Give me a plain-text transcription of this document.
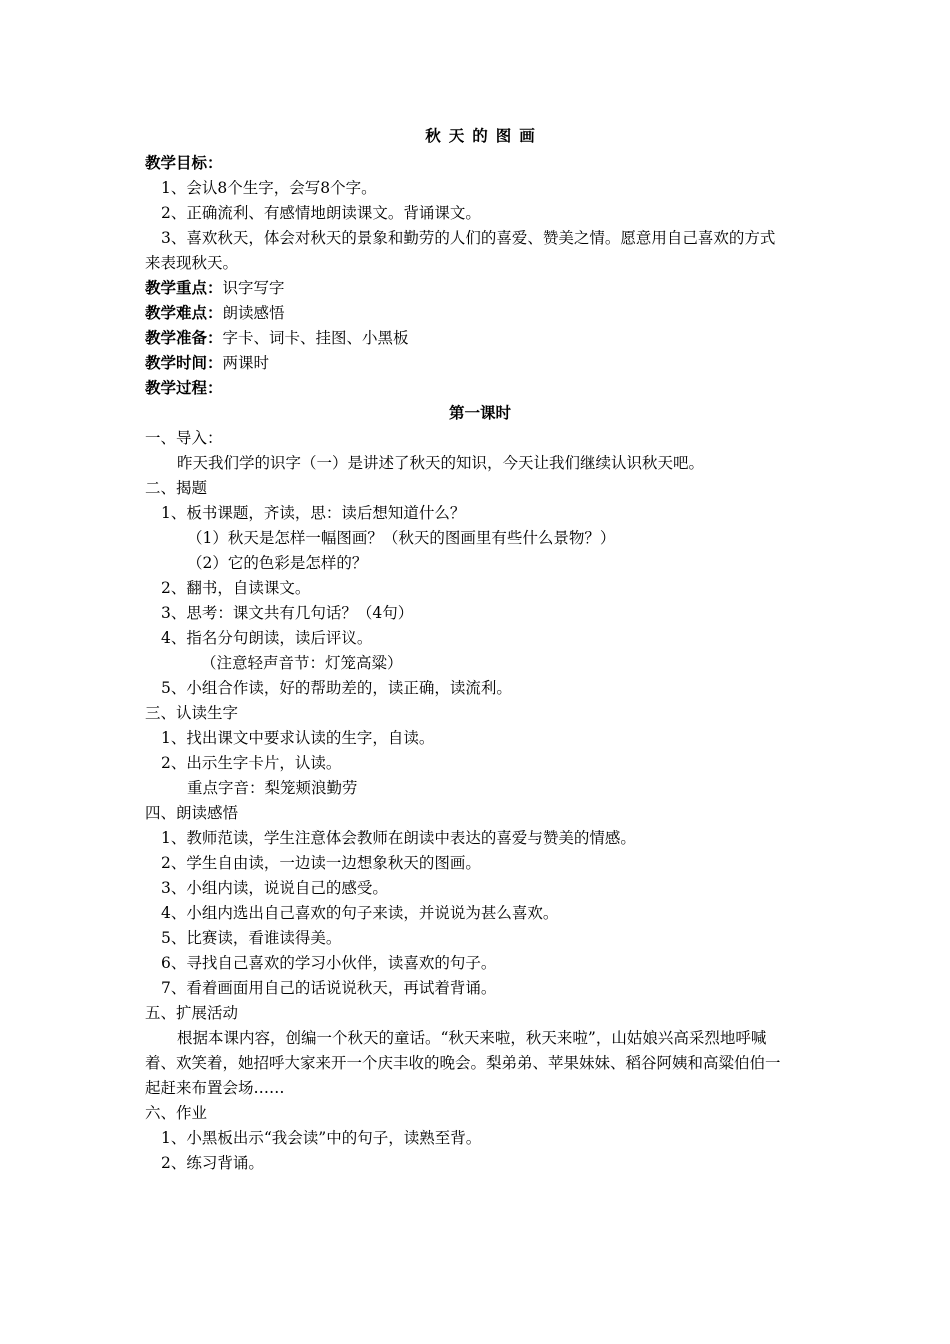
秋天的图画
教学目标：
1、会认8个生字，会写8个字。
2、正确流利、有感情地朗读课文。背诵课文。
3、喜欢秋天，体会对秋天的景象和勤劳的人们的喜爱、赞美之情。愿意用自己喜欢的方式
来表现秋天。
教学重点：识字写字
教学难点：朗读感悟
教学准备：字卡、词卡、挂图、小黑板
教学时间：两课时
教学过程：
第一课时
一、导入：
昨天我们学的识字（一）是讲述了秋天的知识，今天让我们继续认识秋天吧。
二、揭题
1、板书课题，齐读，思：读后想知道什么？
（1）秋天是怎样一幅图画？（秋天的图画里有些什么景物？）
（2）它的色彩是怎样的？
2、翻书，自读课文。
3、思考：课文共有几句话？（4句）
4、指名分句朗读，读后评议。
（注意轻声音节：灯笼高粱）
5、小组合作读，好的帮助差的，读正确，读流利。
三、认读生字
1、找出课文中要求认读的生字，自读。
2、出示生字卡片，认读。
重点字音：梨笼颊浪勤劳
四、朗读感悟
1、教师范读，学生注意体会教师在朗读中表达的喜爱与赞美的情感。
2、学生自由读，一边读一边想象秋天的图画。
3、小组内读，说说自己的感受。
4、小组内选出自己喜欢的句子来读，并说说为甚么喜欢。
5、比赛读，看谁读得美。
6、寻找自己喜欢的学习小伙伴，读喜欢的句子。
7、看着画面用自己的话说说秋天，再试着背诵。
五、扩展活动
根据本课内容，创编一个秋天的童话。“秋天来啦，秋天来啦”，山姑娘兴高采烈地呼喊
着、欢笑着，她招呼大家来开一个庆丰收的晚会。梨弟弟、苹果妹妹、稻谷阿姨和高粱伯伯一
起赶来布置会场……
六、作业
1、小黑板出示“我会读”中的句子，读熟至背。
2、练习背诵。
